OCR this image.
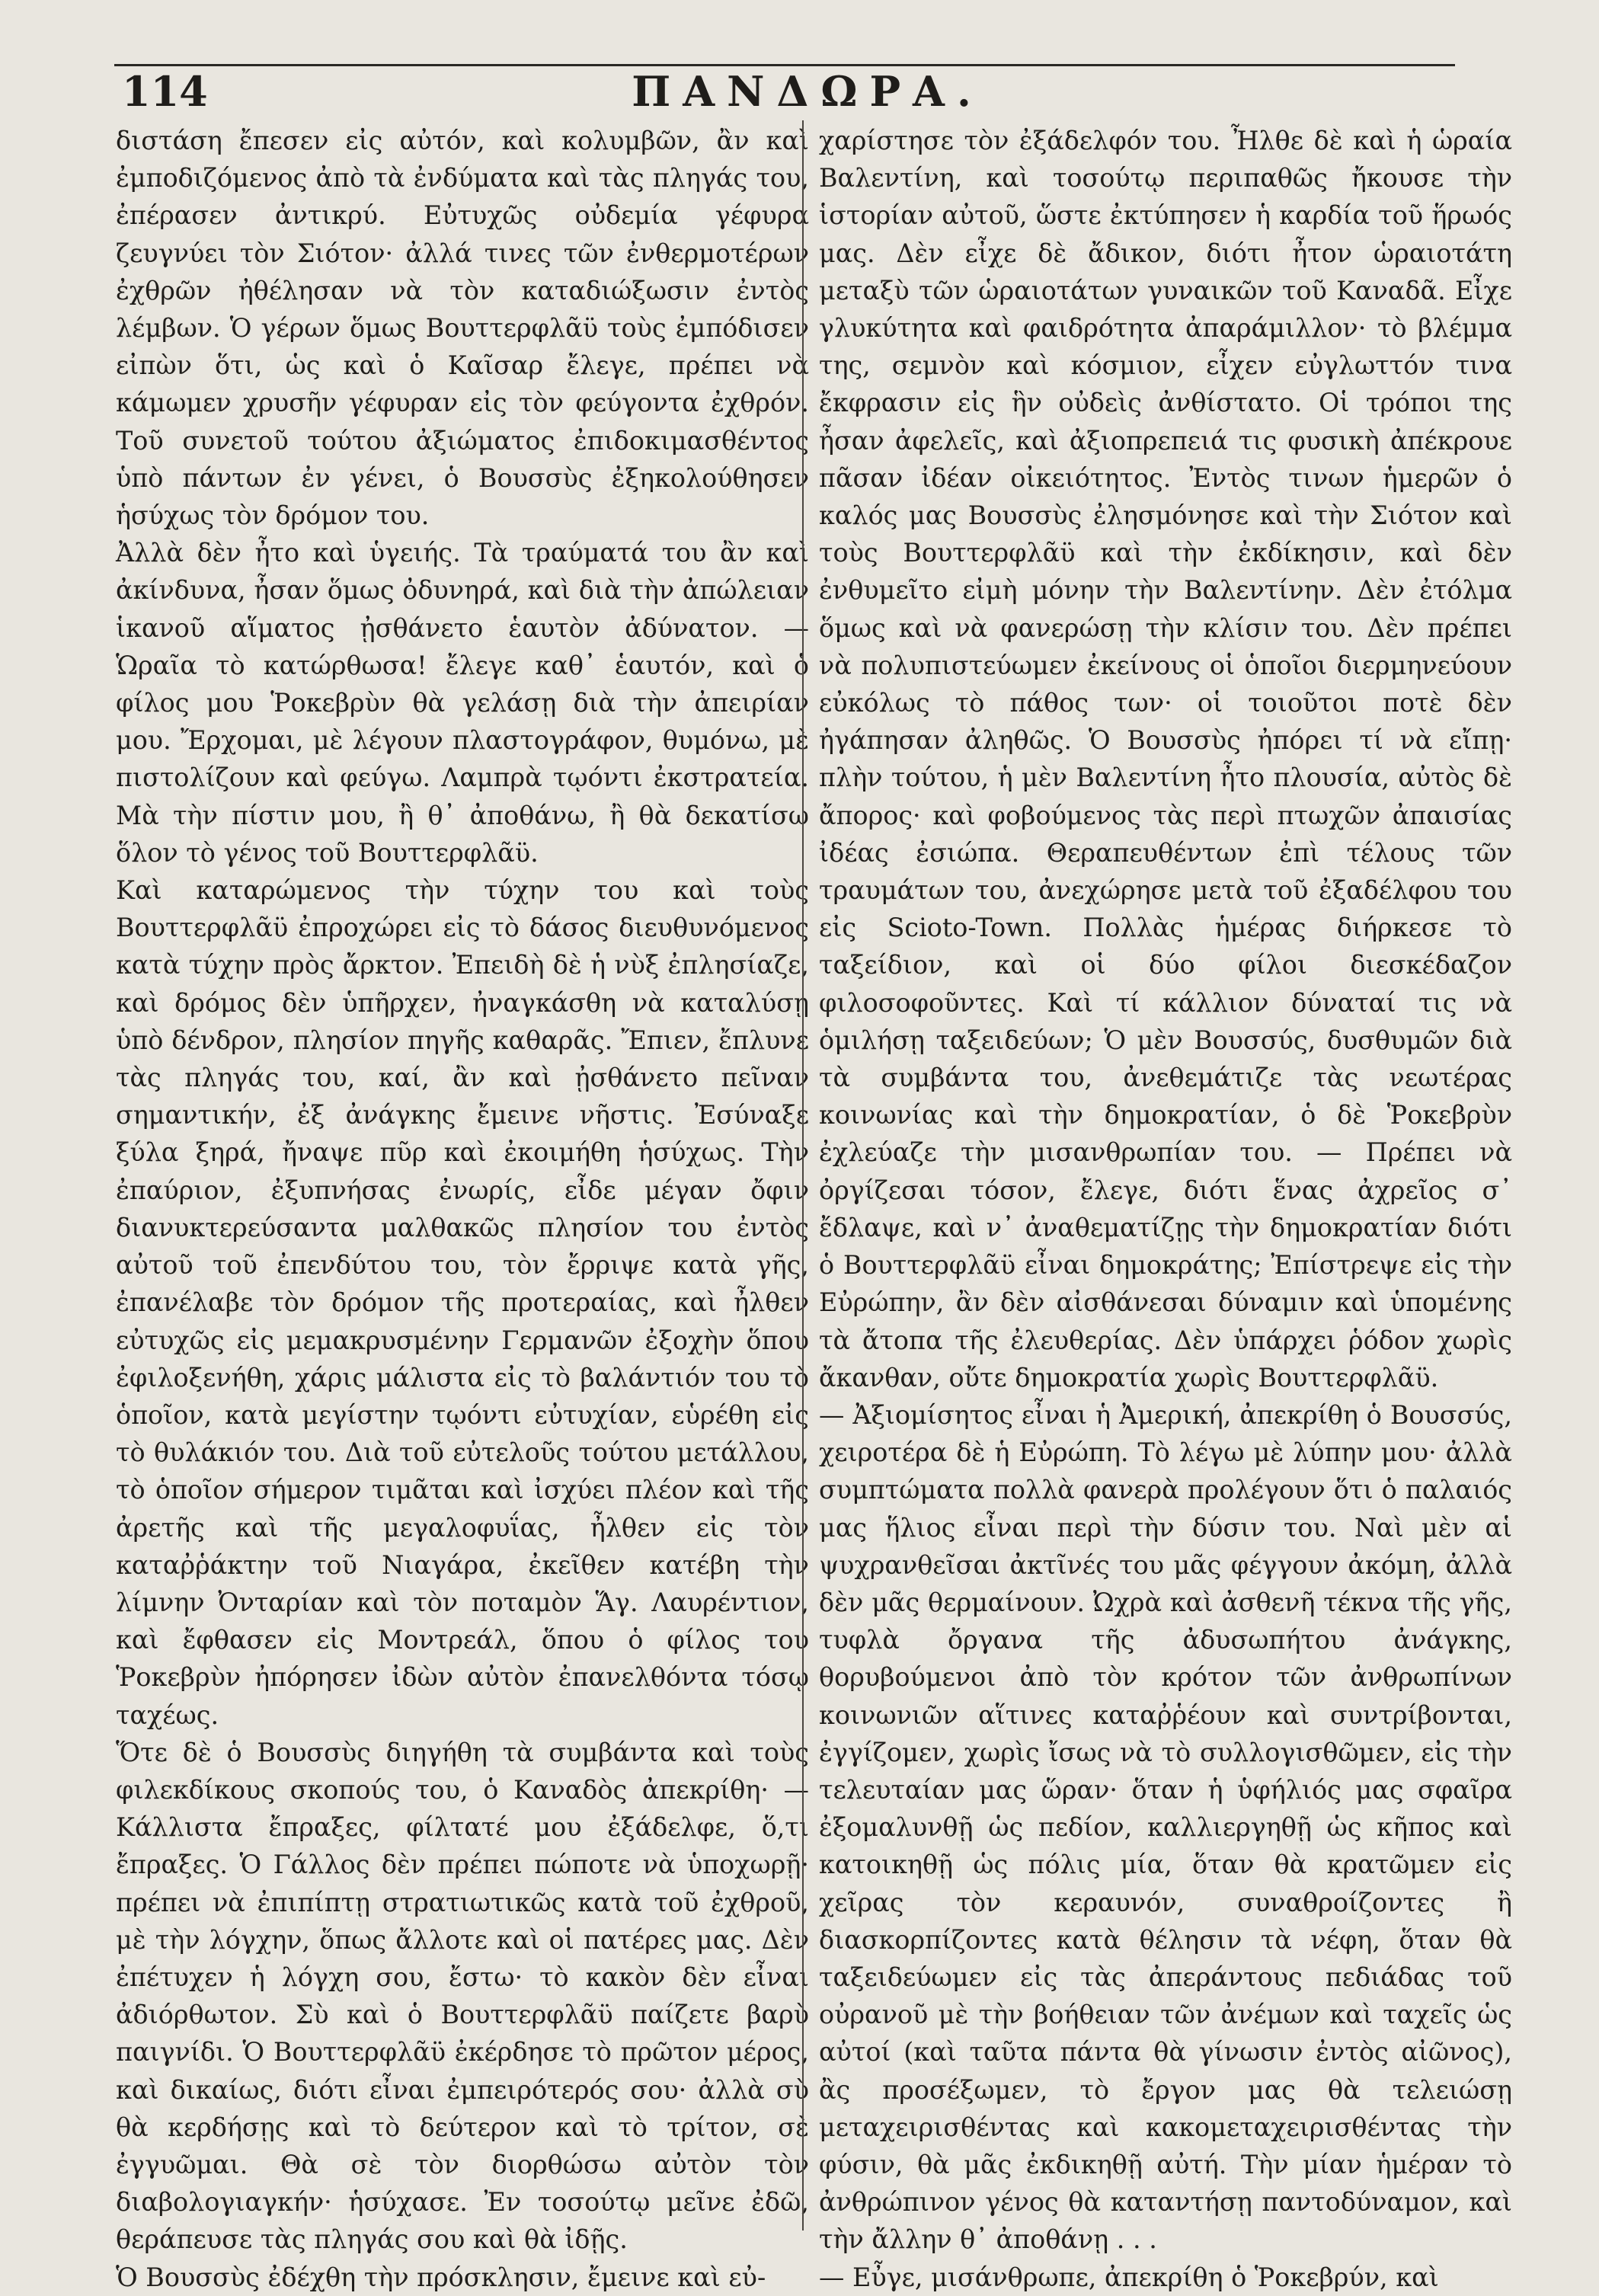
114	ΠΑΝΔΩΡΑ.

διστάση ἔπεσεν εἰς αὐτόν, καὶ κολυμβῶν, ἂν καὶ ἐμποδιζόμενος ἀπὸ τὰ ἐνδύματα καὶ τὰς πληγάς του, ἐπέρασεν ἀντικρύ. Εὐτυχῶς οὐδεμία γέφυρα ζευγνύει τὸν Σιότον· ἀλλά τινες τῶν ἐνθερμοτέρων ἐχθρῶν ἠθέλησαν νὰ τὸν καταδιώξωσιν ἐντὸς λέμβων. Ὁ γέρων ὅμως Βουττερφλᾶϋ τοὺς ἐμπόδισεν εἰπὼν ὅτι, ὡς καὶ ὁ Καῖσαρ ἔλεγε, πρέπει νὰ κάμωμεν χρυσῆν γέφυραν εἰς τὸν φεύγοντα ἐχθρόν. Τοῦ συνετοῦ τούτου ἀξιώματος ἐπιδοκιμασθέντος ὑπὸ πάντων ἐν γένει, ὁ Βουσσὺς ἐξηκολούθησεν ἡσύχως τὸν δρόμον του.

Ἀλλὰ δὲν ἦτο καὶ ὑγειής. Τὰ τραύματά του ἂν καὶ ἀκίνδυνα, ἦσαν ὅμως ὀδυνηρά, καὶ διὰ τὴν ἀπώλειαν ἱκανοῦ αἵματος ᾐσθάνετο ἑαυτὸν ἀδύνατον. — Ὡραῖα τὸ κατώρθωσα! ἔλεγε καθ᾽ ἑαυτόν, καὶ ὁ φίλος μου Ῥοκεβρὺν θὰ γελάσῃ διὰ τὴν ἀπειρίαν μου. Ἔρχομαι, μὲ λέγουν πλαστογράφον, θυμόνω, μὲ πιστολίζουν καὶ φεύγω. Λαμπρὰ τῳόντι ἐκστρατεία. Μὰ τὴν πίστιν μου, ἢ θ᾽ ἀποθάνω, ἢ θὰ δεκατίσω ὅλον τὸ γένος τοῦ Βουττερφλᾶϋ.

Καὶ καταρώμενος τὴν τύχην του καὶ τοὺς Βουττερφλᾶϋ ἐπροχώρει εἰς τὸ δάσος διευθυνόμενος κατὰ τύχην πρὸς ἄρκτον. Ἐπειδὴ δὲ ἡ νὺξ ἐπλησίαζε, καὶ δρόμος δὲν ὑπῆρχεν, ἠναγκάσθη νὰ καταλύσῃ ὑπὸ δένδρον, πλησίον πηγῆς καθαρᾶς. Ἔπιεν, ἔπλυνε τὰς πληγάς του, καί, ἂν καὶ ᾐσθάνετο πεῖναν σημαντικήν, ἐξ ἀνάγκης ἔμεινε νῆστις. Ἐσύναξε ξύλα ξηρά, ἤναψε πῦρ καὶ ἐκοιμήθη ἡσύχως. Τὴν ἐπαύριον, ἐξυπνήσας ἐνωρίς, εἶδε μέγαν ὄφιν διανυκτερεύσαντα μαλθακῶς πλησίον του ἐντὸς αὐτοῦ τοῦ ἐπενδύτου του, τὸν ἔρριψε κατὰ γῆς, ἐπανέλαβε τὸν δρόμον τῆς προτεραίας, καὶ ἦλθεν εὐτυχῶς εἰς μεμακρυσμένην Γερμανῶν ἐξοχὴν ὅπου ἐφιλοξενήθη, χάρις μάλιστα εἰς τὸ βαλάντιόν του τὸ ὁποῖον, κατὰ μεγίστην τῳόντι εὐτυχίαν, εὑρέθη εἰς τὸ θυλάκιόν του. Διὰ τοῦ εὐτελοῦς τούτου μετάλλου, τὸ ὁποῖον σήμερον τιμᾶται καὶ ἰσχύει πλέον καὶ τῆς ἀρετῆς καὶ τῆς μεγαλοφυΐας, ἦλθεν εἰς τὸν καταῤῥάκτην τοῦ Νιαγάρα, ἐκεῖθεν κατέβη τὴν λίμνην Ὀνταρίαν καὶ τὸν ποταμὸν Ἅγ. Λαυρέντιον, καὶ ἔφθασεν εἰς Μοντρεάλ, ὅπου ὁ φίλος του Ῥοκεβρὺν ἠπόρησεν ἰδὼν αὐτὸν ἐπανελθόντα τόσῳ ταχέως.

Ὅτε δὲ ὁ Βουσσὺς διηγήθη τὰ συμβάντα καὶ τοὺς φιλεκδίκους σκοπούς του, ὁ Καναδὸς ἀπεκρίθη· — Κάλλιστα ἔπραξες, φίλτατέ μου ἐξάδελφε, ὅ,τι ἔπραξες. Ὁ Γάλλος δὲν πρέπει πώποτε νὰ ὑποχωρῇ· πρέπει νὰ ἐπιπίπτῃ στρατιωτικῶς κατὰ τοῦ ἐχθροῦ, μὲ τὴν λόγχην, ὅπως ἄλλοτε καὶ οἱ πατέρες μας. Δὲν ἐπέτυχεν ἡ λόγχη σου, ἔστω· τὸ κακὸν δὲν εἶναι ἀδιόρθωτον. Σὺ καὶ ὁ Βουττερφλᾶϋ παίζετε βαρὺ παιγνίδι. Ὁ Βουττερφλᾶϋ ἐκέρδησε τὸ πρῶτον μέρος, καὶ δικαίως, διότι εἶναι ἐμπειρότερός σου· ἀλλὰ σὺ θὰ κερδήσῃς καὶ τὸ δεύτερον καὶ τὸ τρίτον, σὲ ἐγγυῶμαι. Θὰ σὲ τὸν διορθώσω αὐτὸν τὸν διαβολογιαγκήν· ἡσύχασε. Ἐν τοσούτῳ μεῖνε ἐδῶ, θεράπευσε τὰς πληγάς σου καὶ θὰ ἰδῇς.

Ὁ Βουσσὺς ἐδέχθη τὴν πρόσκλησιν, ἔμεινε καὶ εὐ-

χαρίστησε τὸν ἐξάδελφόν του. Ἦλθε δὲ καὶ ἡ ὡραία Βαλεντίνη, καὶ τοσούτῳ περιπαθῶς ἤκουσε τὴν ἱστορίαν αὐτοῦ, ὥστε ἐκτύπησεν ἡ καρδία τοῦ ἥρωός μας. Δὲν εἶχε δὲ ἄδικον, διότι ἦτον ὡραιοτάτη μεταξὺ τῶν ὡραιοτάτων γυναικῶν τοῦ Καναδᾶ. Εἶχε γλυκύτητα καὶ φαιδρότητα ἀπαράμιλλον· τὸ βλέμμα της, σεμνὸν καὶ κόσμιον, εἶχεν εὐγλωττόν τινα ἔκφρασιν εἰς ἣν οὐδεὶς ἀνθίστατο. Οἱ τρόποι της ἦσαν ἀφελεῖς, καὶ ἀξιοπρεπειά τις φυσικὴ ἀπέκρουε πᾶσαν ἰδέαν οἰκειότητος. Ἐντὸς τινων ἡμερῶν ὁ καλός μας Βουσσὺς ἐλησμόνησε καὶ τὴν Σιότον καὶ τοὺς Βουττερφλᾶϋ καὶ τὴν ἐκδίκησιν, καὶ δὲν ἐνθυμεῖτο εἰμὴ μόνην τὴν Βαλεντίνην. Δὲν ἐτόλμα ὅμως καὶ νὰ φανερώσῃ τὴν κλίσιν του. Δὲν πρέπει νὰ πολυπιστεύωμεν ἐκείνους οἱ ὁποῖοι διερμηνεύουν εὐκόλως τὸ πάθος των· οἱ τοιοῦτοι ποτὲ δὲν ἠγάπησαν ἀληθῶς. Ὁ Βουσσὺς ἠπόρει τί νὰ εἴπῃ· πλὴν τούτου, ἡ μὲν Βαλεντίνη ἦτο πλουσία, αὐτὸς δὲ ἄπορος· καὶ φοβούμενος τὰς περὶ πτωχῶν ἀπαισίας ἰδέας ἐσιώπα. Θεραπευθέντων ἐπὶ τέλους τῶν τραυμάτων του, ἀνεχώρησε μετὰ τοῦ ἐξαδέλφου του εἰς Scioto-Town. Πολλὰς ἡμέρας διήρκεσε τὸ ταξείδιον, καὶ οἱ δύο φίλοι διεσκέδαζον φιλοσοφοῦντες. Καὶ τί κάλλιον δύναταί τις νὰ ὁμιλήσῃ ταξειδεύων; Ὁ μὲν Βουσσύς, δυσθυμῶν διὰ τὰ συμβάντα του, ἀνεθεμάτιζε τὰς νεωτέρας κοινωνίας καὶ τὴν δημοκρατίαν, ὁ δὲ Ῥοκεβρὺν ἐχλεύαζε τὴν μισανθρωπίαν του. — Πρέπει νὰ ὀργίζεσαι τόσον, ἔλεγε, διότι ἕνας ἀχρεῖος σ᾽ ἔδλαψε, καὶ ν᾽ ἀναθεματίζῃς τὴν δημοκρατίαν διότι ὁ Βουττερφλᾶϋ εἶναι δημοκράτης; Ἐπίστρεψε εἰς τὴν Εὐρώπην, ἂν δὲν αἰσθάνεσαι δύναμιν καὶ ὑπομένης τὰ ἄτοπα τῆς ἐλευθερίας. Δὲν ὑπάρχει ῥόδον χωρὶς ἄκανθαν, οὔτε δημοκρατία χωρὶς Βουττερφλᾶϋ.

— Ἀξιομίσητος εἶναι ἡ Ἀμερική, ἀπεκρίθη ὁ Βουσσύς, χειροτέρα δὲ ἡ Εὐρώπη. Τὸ λέγω μὲ λύπην μου· ἀλλὰ συμπτώματα πολλὰ φανερὰ προλέγουν ὅτι ὁ παλαιός μας ἥλιος εἶναι περὶ τὴν δύσιν του. Ναὶ μὲν αἱ ψυχρανθεῖσαι ἀκτῖνές του μᾶς φέγγουν ἀκόμη, ἀλλὰ δὲν μᾶς θερμαίνουν. Ὠχρὰ καὶ ἀσθενῆ τέκνα τῆς γῆς, τυφλὰ ὄργανα τῆς ἀδυσωπήτου ἀνάγκης, θορυβούμενοι ἀπὸ τὸν κρότον τῶν ἀνθρωπίνων κοινωνιῶν αἵτινες καταῤῥέουν καὶ συντρίβονται, ἐγγίζομεν, χωρὶς ἴσως νὰ τὸ συλλογισθῶμεν, εἰς τὴν τελευταίαν μας ὥραν· ὅταν ἡ ὑφήλιός μας σφαῖρα ἐξομαλυνθῇ ὡς πεδίον, καλλιεργηθῇ ὡς κῆπος καὶ κατοικηθῇ ὡς πόλις μία, ὅταν θὰ κρατῶμεν εἰς χεῖρας τὸν κεραυνόν, συναθροίζοντες ἢ διασκορπίζοντες κατὰ θέλησιν τὰ νέφη, ὅταν θὰ ταξειδεύωμεν εἰς τὰς ἀπεράντους πεδιάδας τοῦ οὐρανοῦ μὲ τὴν βοήθειαν τῶν ἀνέμων καὶ ταχεῖς ὡς αὐτοί (καὶ ταῦτα πάντα θὰ γίνωσιν ἐντὸς αἰῶνος), ἂς προσέξωμεν, τὸ ἔργον μας θὰ τελειώσῃ μεταχειρισθέντας καὶ κακομεταχειρισθέντας τὴν φύσιν, θὰ μᾶς ἐκδικηθῇ αὐτή. Τὴν μίαν ἡμέραν τὸ ἀνθρώπινον γένος θὰ καταντήσῃ παντοδύναμον, καὶ τὴν ἄλλην θ᾽ ἀποθάνῃ . . .

— Εὖγε, μισάνθρωπε, ἀπεκρίθη ὁ Ῥοκεβρύν, καὶ
